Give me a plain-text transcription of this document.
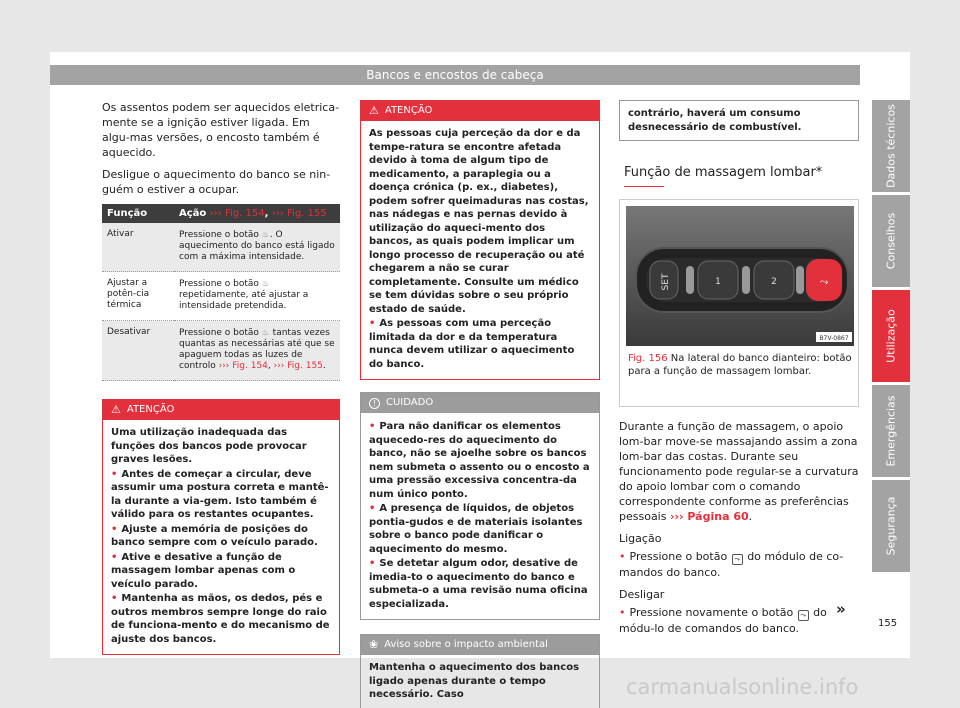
Bancos e encostos de cabeça

Os assentos podem ser aquecidos eletrica-mente se a ignição estiver ligada. Em algu-mas versões, o encosto também é aquecido.

Desligue o aquecimento do banco se nin-guém o estiver a ocupar.

Função	Ação ››› Fig. 154, ››› Fig. 155
Ativar	Pressione o botão ♨. O aquecimento do banco está ligado com a máxima intensidade.
Ajustar a potên-cia térmica	Pressione o botão ♨ repetidamente, até ajustar a intensidade pretendida.
Desativar	Pressione o botão ♨ tantas vezes quantas as necessárias até que se apaguem todas as luzes de controlo ››› Fig. 154, ››› Fig. 155.
⚠ ATENÇÃO
Uma utilização inadequada das funções dos bancos pode provocar graves lesões.
• Antes de começar a circular, deve assumir uma postura correta e mantê-la durante a via-gem. Isto também é válido para os restantes ocupantes.
• Ajuste a memória de posições do banco sempre com o veículo parado.
• Ative e desative a função de massagem lombar apenas com o veículo parado.
• Mantenha as mãos, os dedos, pés e outros membros sempre longe do raio de funciona-mento e do mecanismo de ajuste dos bancos.
⚠ ATENÇÃO
As pessoas cuja perceção da dor e da tempe-ratura se encontre afetada devido à toma de algum tipo de medicamento, a paraplegia ou a doença crónica (p. ex., diabetes), podem sofrer queimaduras nas costas, nas nádegas e nas pernas devido à utilização do aqueci-mento dos bancos, as quais podem implicar um longo processo de recuperação ou até chegarem a não se curar completamente. Consulte um médico se tem dúvidas sobre o seu próprio estado de saúde.
• As pessoas com uma perceção limitada da dor e da temperatura nunca devem utilizar o aquecimento do banco.
! CUIDADO
• Para não danificar os elementos aquecedo-res do aquecimento do banco, não se ajoelhe sobre os bancos nem submeta o assento ou o encosto a uma pressão excessiva concentra-da num único ponto.
• A presença de líquidos, de objetos pontia-gudos e de materiais isolantes sobre o banco pode danificar o aquecimento do mesmo.
• Se detetar algum odor, desative de imedia-to o aquecimento do banco e submeta-o a uma revisão numa oficina especializada.
❀ Aviso sobre o impacto ambiental
Mantenha o aquecimento dos bancos ligado apenas durante o tempo necessário. Caso
contrário, haverá um consumo desnecessário de combustível.
Função de massagem lombar*
SET	1	2	⤳
B7V-0867
Fig. 156 Na lateral do banco dianteiro: botão para a função de massagem lombar.

Durante a função de massagem, o apoio lom-bar move-se massajando assim a zona lom-bar das costas. Durante seu funcionamento pode regular-se a curvatura do apoio lombar com o comando correspondente conforme as preferências pessoais ››› Página 60.

Ligação

• Pressione o botão ⤳ do módulo de co-mandos do banco.

Desligar

• Pressione novamente o botão ⤳ do módu-lo de comandos do banco.

Dados técnicos
Conselhos
Utilização
Emergências
Segurança
»
155
carmanualsonline.info
